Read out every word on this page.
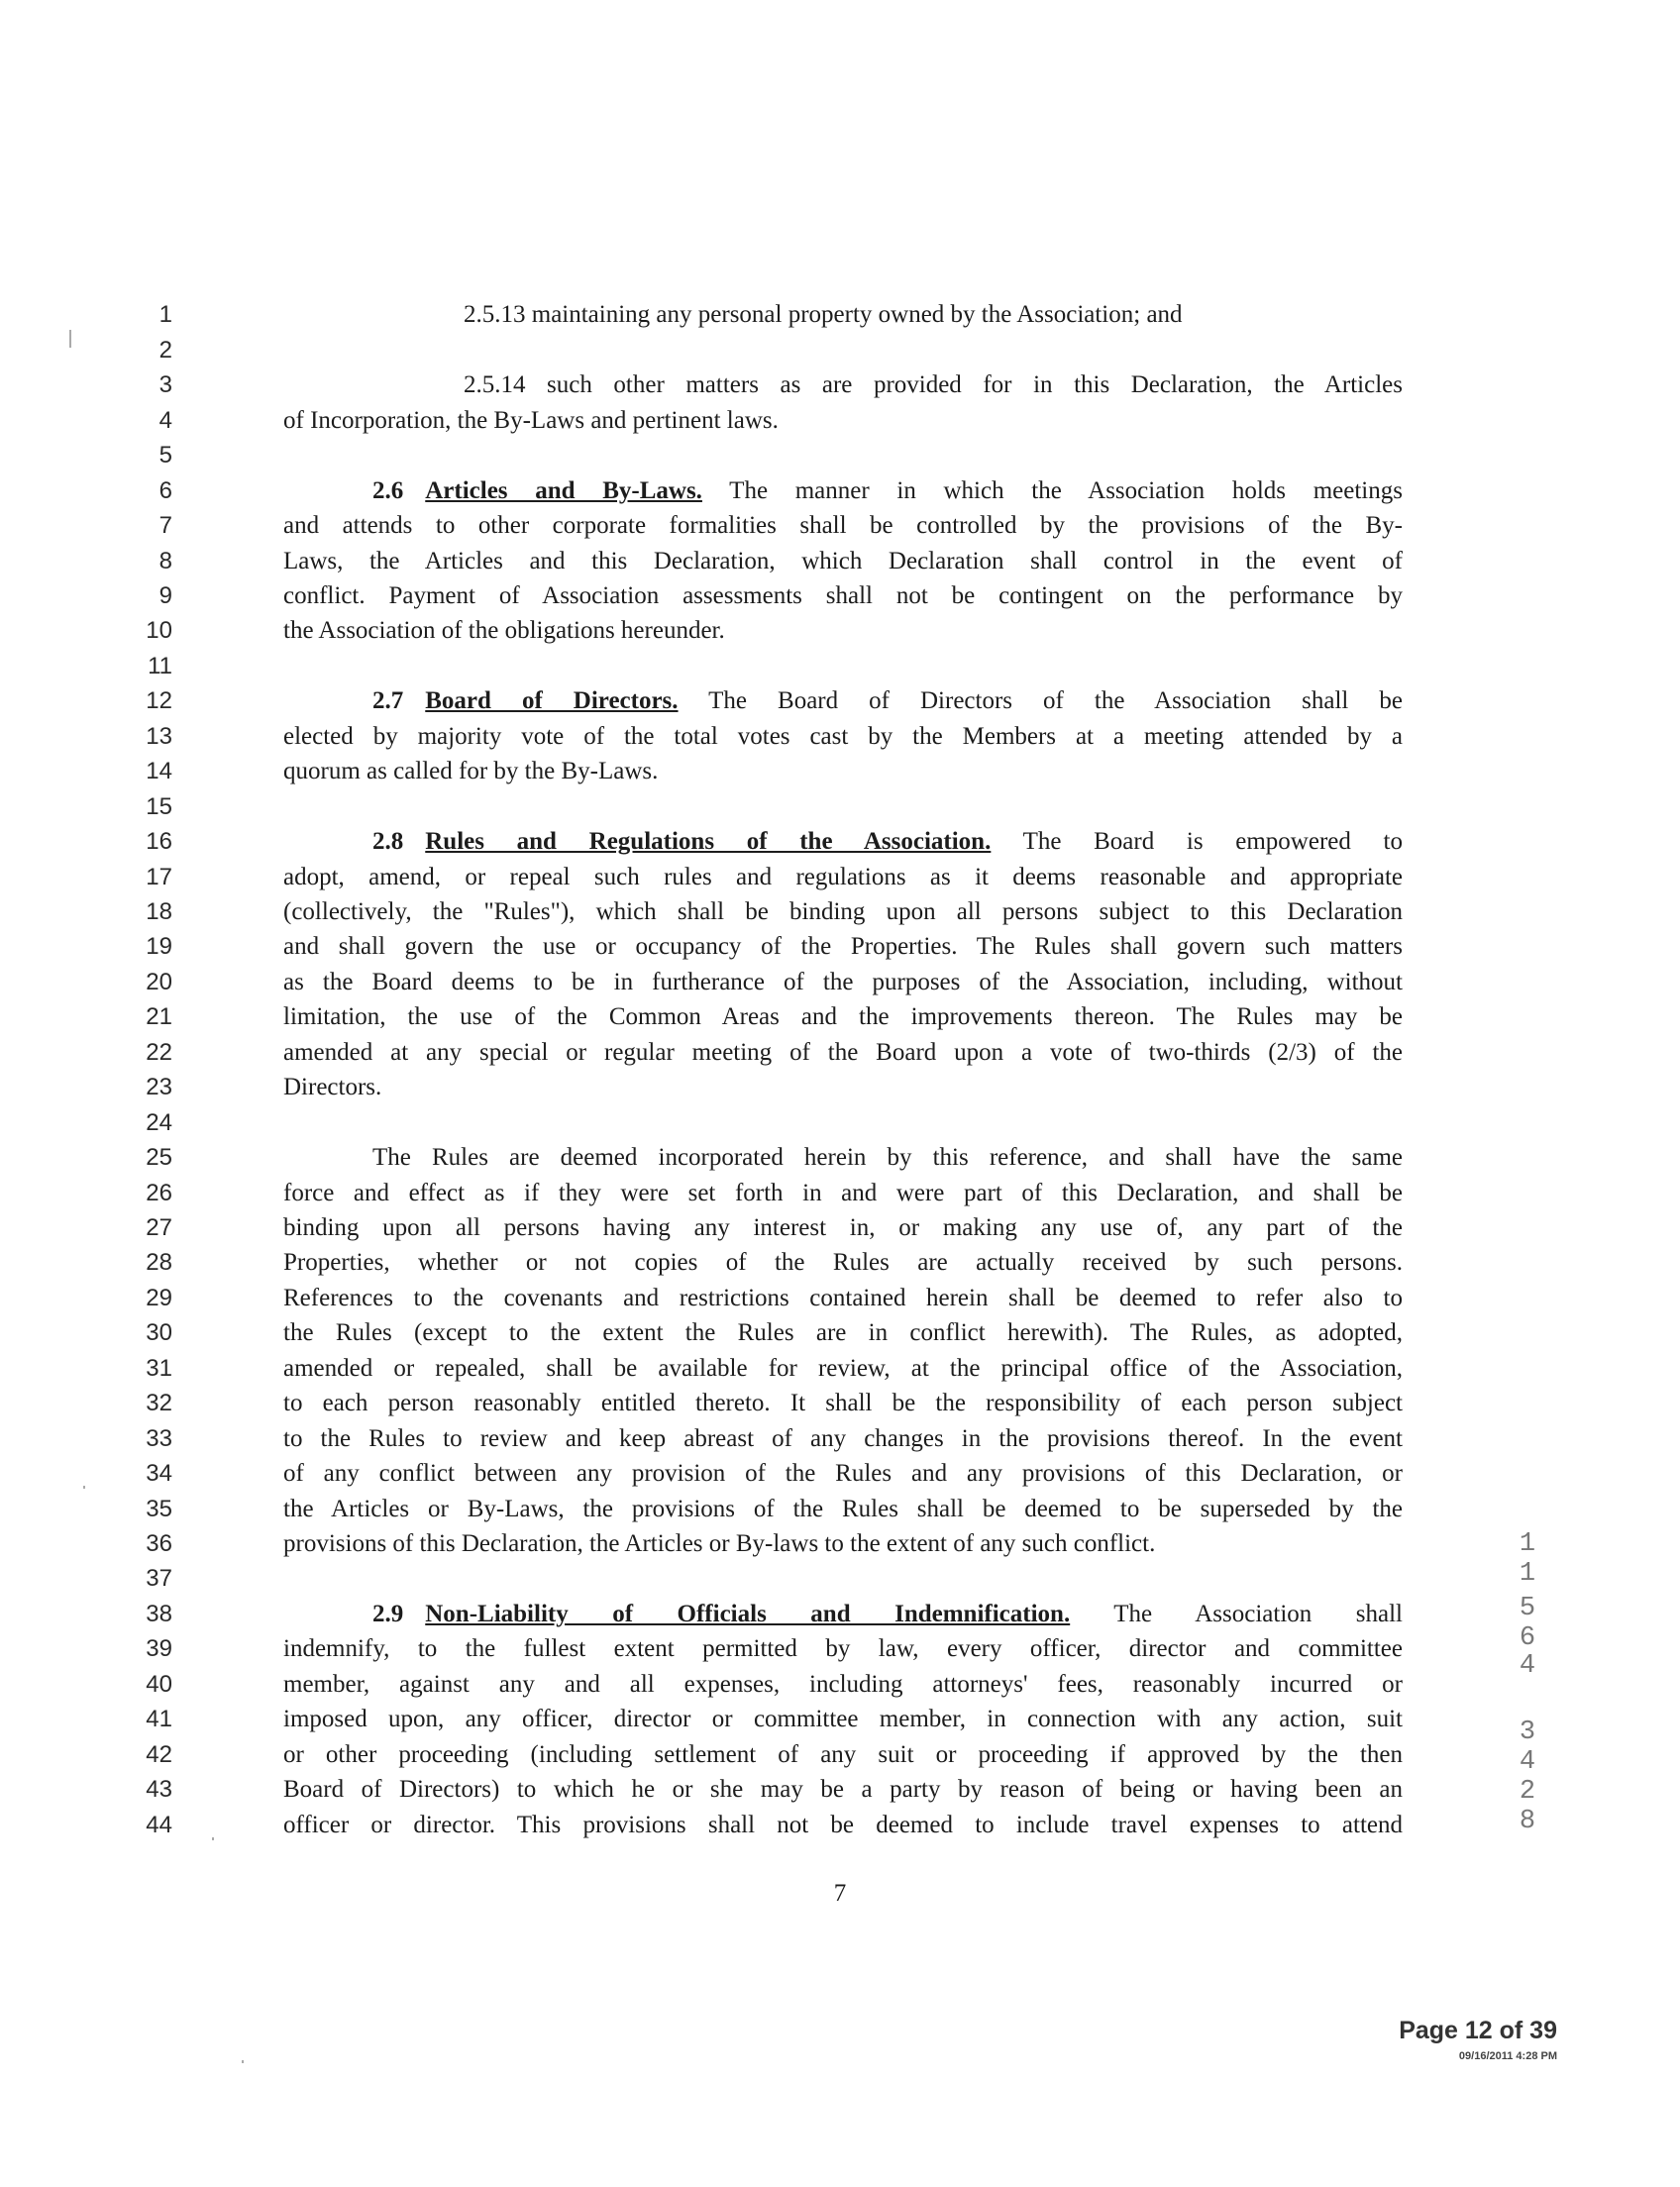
1
2
3
4
5
6
7
8
9
10
11
12
13
14
15
16
17
18
19
20
21
22
23
24
25
26
27
28
29
30
31
32
33
34
35
36
37
38
39
40
41
42
43
44
2.5.13 maintaining any personal property owned by the Association; and
2.5.14 such other matters as are provided for in this Declaration, the Articles
of Incorporation, the By-Laws and pertinent laws.
2.6 Articles and By-Laws. The manner in which the Association holds meetings
and attends to other corporate formalities shall be controlled by the provisions of the By-
Laws, the Articles and this Declaration, which Declaration shall control in the event of
conflict. Payment of Association assessments shall not be contingent on the performance by
the Association of the obligations hereunder.
2.7 Board of Directors. The Board of Directors of the Association shall be
elected by majority vote of the total votes cast by the Members at a meeting attended by a
quorum as called for by the By-Laws.
2.8 Rules and Regulations of the Association. The Board is empowered to
adopt, amend, or repeal such rules and regulations as it deems reasonable and appropriate
(collectively, the "Rules"), which shall be binding upon all persons subject to this Declaration
and shall govern the use or occupancy of the Properties. The Rules shall govern such matters
as the Board deems to be in furtherance of the purposes of the Association, including, without
limitation, the use of the Common Areas and the improvements thereon. The Rules may be
amended at any special or regular meeting of the Board upon a vote of two-thirds (2/3) of the
Directors.
The Rules are deemed incorporated herein by this reference, and shall have the same
force and effect as if they were set forth in and were part of this Declaration, and shall be
binding upon all persons having any interest in, or making any use of, any part of the
Properties, whether or not copies of the Rules are actually received by such persons.
References to the covenants and restrictions contained herein shall be deemed to refer also to
the Rules (except to the extent the Rules are in conflict herewith). The Rules, as adopted,
amended or repealed, shall be available for review, at the principal office of the Association,
to each person reasonably entitled thereto. It shall be the responsibility of each person subject
to the Rules to review and keep abreast of any changes in the provisions thereof. In the event
of any conflict between any provision of the Rules and any provisions of this Declaration, or
the Articles or By-Laws, the provisions of the Rules shall be deemed to be superseded by the
provisions of this Declaration, the Articles or By-laws to the extent of any such conflict.
2.9 Non-Liability of Officials and Indemnification. The Association shall
indemnify, to the fullest extent permitted by law, every officer, director and committee
member, against any and all expenses, including attorneys' fees, reasonably incurred or
imposed upon, any officer, director or committee member, in connection with any action, suit
or other proceeding (including settlement of any suit or proceeding if approved by the then
Board of Directors) to which he or she may be a party by reason of being or having been an
officer or director. This provisions shall not be deemed to include travel expenses to attend
7
Page 12 of 39
09/16/2011 4:28 PM
1
1
5
6
4
3
4
2
8
